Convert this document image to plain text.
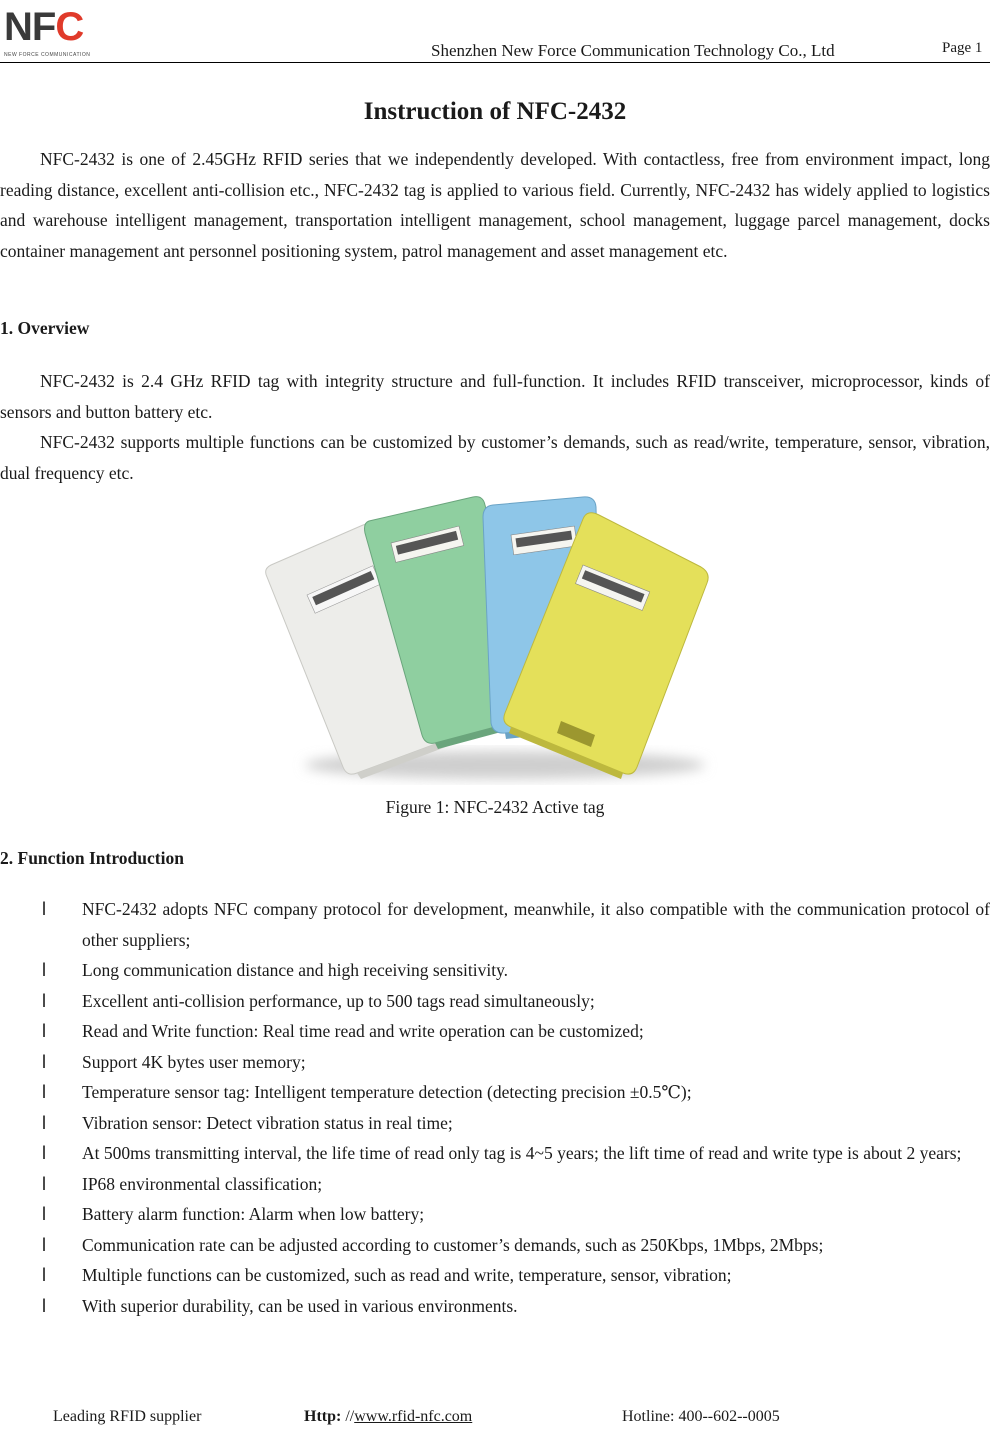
NFC
NEW FORCE COMMUNICATION	Shenzhen New Force Communication Technology Co., Ltd	Page 1
Instruction of NFC-2432

NFC-2432 is one of 2.45GHz RFID series that we independently developed. With contactless, free from environment impact, long reading distance, excellent anti-collision etc., NFC-2432 tag is applied to various field. Currently, NFC-2432 has widely applied to logistics and warehouse intelligent management, transportation intelligent management, school management, luggage parcel management, docks container management ant personnel positioning system, patrol management and asset management etc.

1. Overview

NFC-2432 is 2.4 GHz RFID tag with integrity structure and full-function. It includes RFID transceiver, microprocessor, kinds of sensors and button battery etc.

NFC-2432 supports multiple functions can be customized by customer’s demands, such as read/write, temperature, sensor, vibration, dual frequency etc.

Figure 1: NFC-2432 Active tag
2. Function Introduction
l NFC-2432 adopts NFC company protocol for development, meanwhile, it also compatible with the communication protocol of other suppliers;
l Long communication distance and high receiving sensitivity.
l Excellent anti-collision performance, up to 500 tags read simultaneously;
l Read and Write function: Real time read and write operation can be customized;
l Support 4K bytes user memory;
l Temperature sensor tag: Intelligent temperature detection (detecting precision ±0.5℃);
l Vibration sensor: Detect vibration status in real time;
l At 500ms transmitting interval, the life time of read only tag is 4~5 years; the lift time of read and write type is about 2 years;
l IP68 environmental classification;
l Battery alarm function: Alarm when low battery;
l Communication rate can be adjusted according to customer’s demands, such as 250Kbps, 1Mbps, 2Mbps;
l Multiple functions can be customized, such as read and write, temperature, sensor, vibration;
l With superior durability, can be used in various environments.
Leading RFID supplier	Http: //www.rfid-nfc.com	Hotline: 400--602--0005
